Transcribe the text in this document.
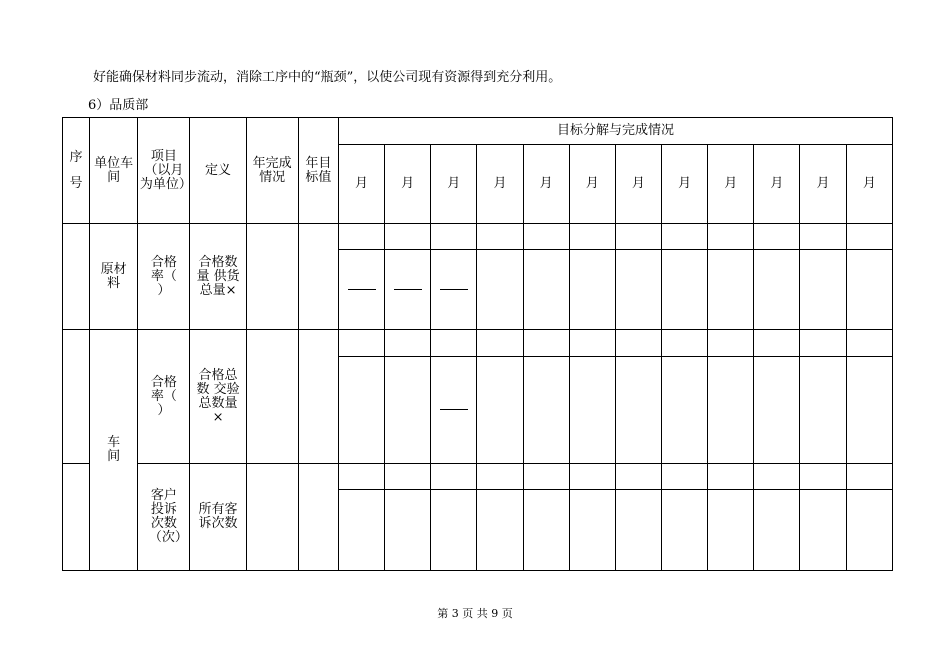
好能确保材料同步流动，消除工序中的“瓶颈”，以使公司现有资源得到充分利用。
6）品质部
序号	单位车间	项目（以月为单位）	定义	年完成情况	年目标值	目标分解与完成情况											
						月	月	月	月	月	月	月	月	月	月	月	月
	原材料	合格率（ ）	合格数量 供货总量×														

	车间	合格率（ ）	合格总数 交验总数量×														

		客户投诉次数（次）	所有客诉次数														

第 3 页 共 9 页
